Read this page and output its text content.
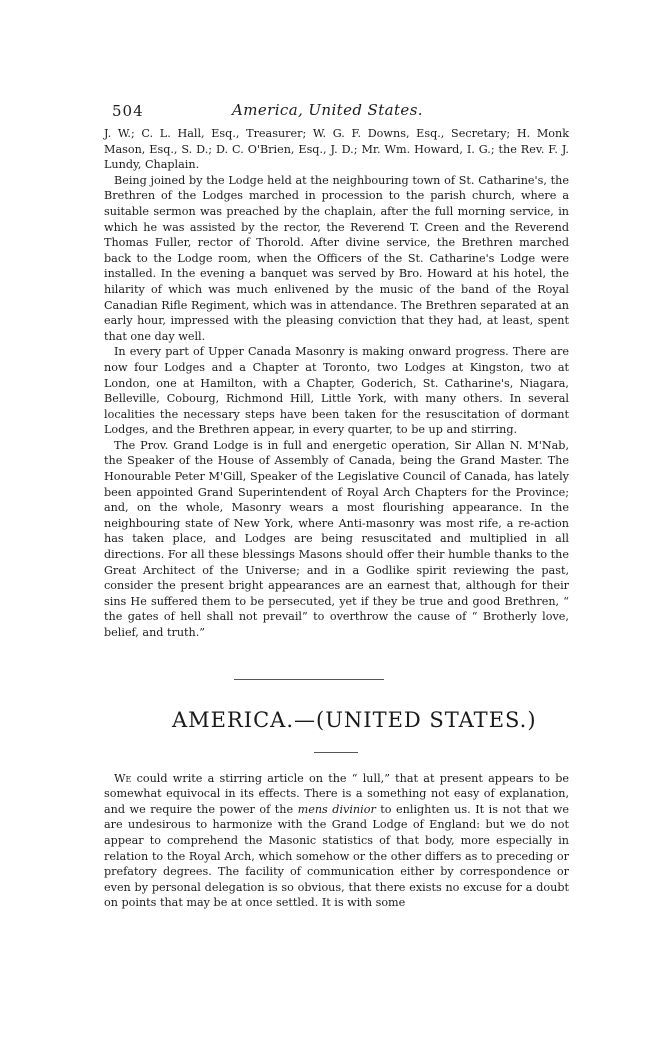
504	America, United States.

J. W.; C. L. Hall, Esq., Treasurer; W. G. F. Downs, Esq., Secretary; H. Monk Mason, Esq., S. D.; D. C. O'Brien, Esq., J. D.; Mr. Wm. Howard, I. G.; the Rev. F. J. Lundy, Chaplain.

Being joined by the Lodge held at the neighbouring town of St. Catharine's, the Brethren of the Lodges marched in procession to the parish church, where a suitable sermon was preached by the chaplain, after the full morning service, in which he was assisted by the rector, the Reverend T. Creen and the Reverend Thomas Fuller, rector of Thorold. After divine service, the Brethren marched back to the Lodge room, when the Officers of the St. Catharine's Lodge were installed. In the evening a banquet was served by Bro. Howard at his hotel, the hilarity of which was much enlivened by the music of the band of the Royal Canadian Rifle Regiment, which was in attendance. The Brethren separated at an early hour, impressed with the pleasing conviction that they had, at least, spent that one day well.

In every part of Upper Canada Masonry is making onward progress. There are now four Lodges and a Chapter at Toronto, two Lodges at Kingston, two at London, one at Hamilton, with a Chapter, Goderich, St. Catharine's, Niagara, Belleville, Cobourg, Richmond Hill, Little York, with many others. In several localities the necessary steps have been taken for the resuscitation of dormant Lodges, and the Brethren appear, in every quarter, to be up and stirring.

The Prov. Grand Lodge is in full and energetic operation, Sir Allan N. M'Nab, the Speaker of the House of Assembly of Canada, being the Grand Master. The Honourable Peter M'Gill, Speaker of the Legislative Council of Canada, has lately been appointed Grand Superintendent of Royal Arch Chapters for the Province; and, on the whole, Masonry wears a most flourishing appearance. In the neighbouring state of New York, where Anti-masonry was most rife, a re-action has taken place, and Lodges are being resuscitated and multiplied in all directions. For all these blessings Masons should offer their humble thanks to the Great Architect of the Universe; and in a Godlike spirit reviewing the past, consider the present bright appearances are an earnest that, although for their sins He suffered them to be persecuted, yet if they be true and good Brethren, “ the gates of hell shall not prevail” to overthrow the cause of “ Brotherly love, belief, and truth.”

AMERICA.—(UNITED STATES.)

We could write a stirring article on the “ lull,” that at present appears to be somewhat equivocal in its effects. There is a something not easy of explanation, and we require the power of the mens divinior to enlighten us. It is not that we are undesirous to harmonize with the Grand Lodge of England: but we do not appear to comprehend the Masonic statistics of that body, more especially in relation to the Royal Arch, which somehow or the other differs as to preceding or prefatory degrees. The facility of communication either by correspondence or even by personal delegation is so obvious, that there exists no excuse for a doubt on points that may be at once settled. It is with some
